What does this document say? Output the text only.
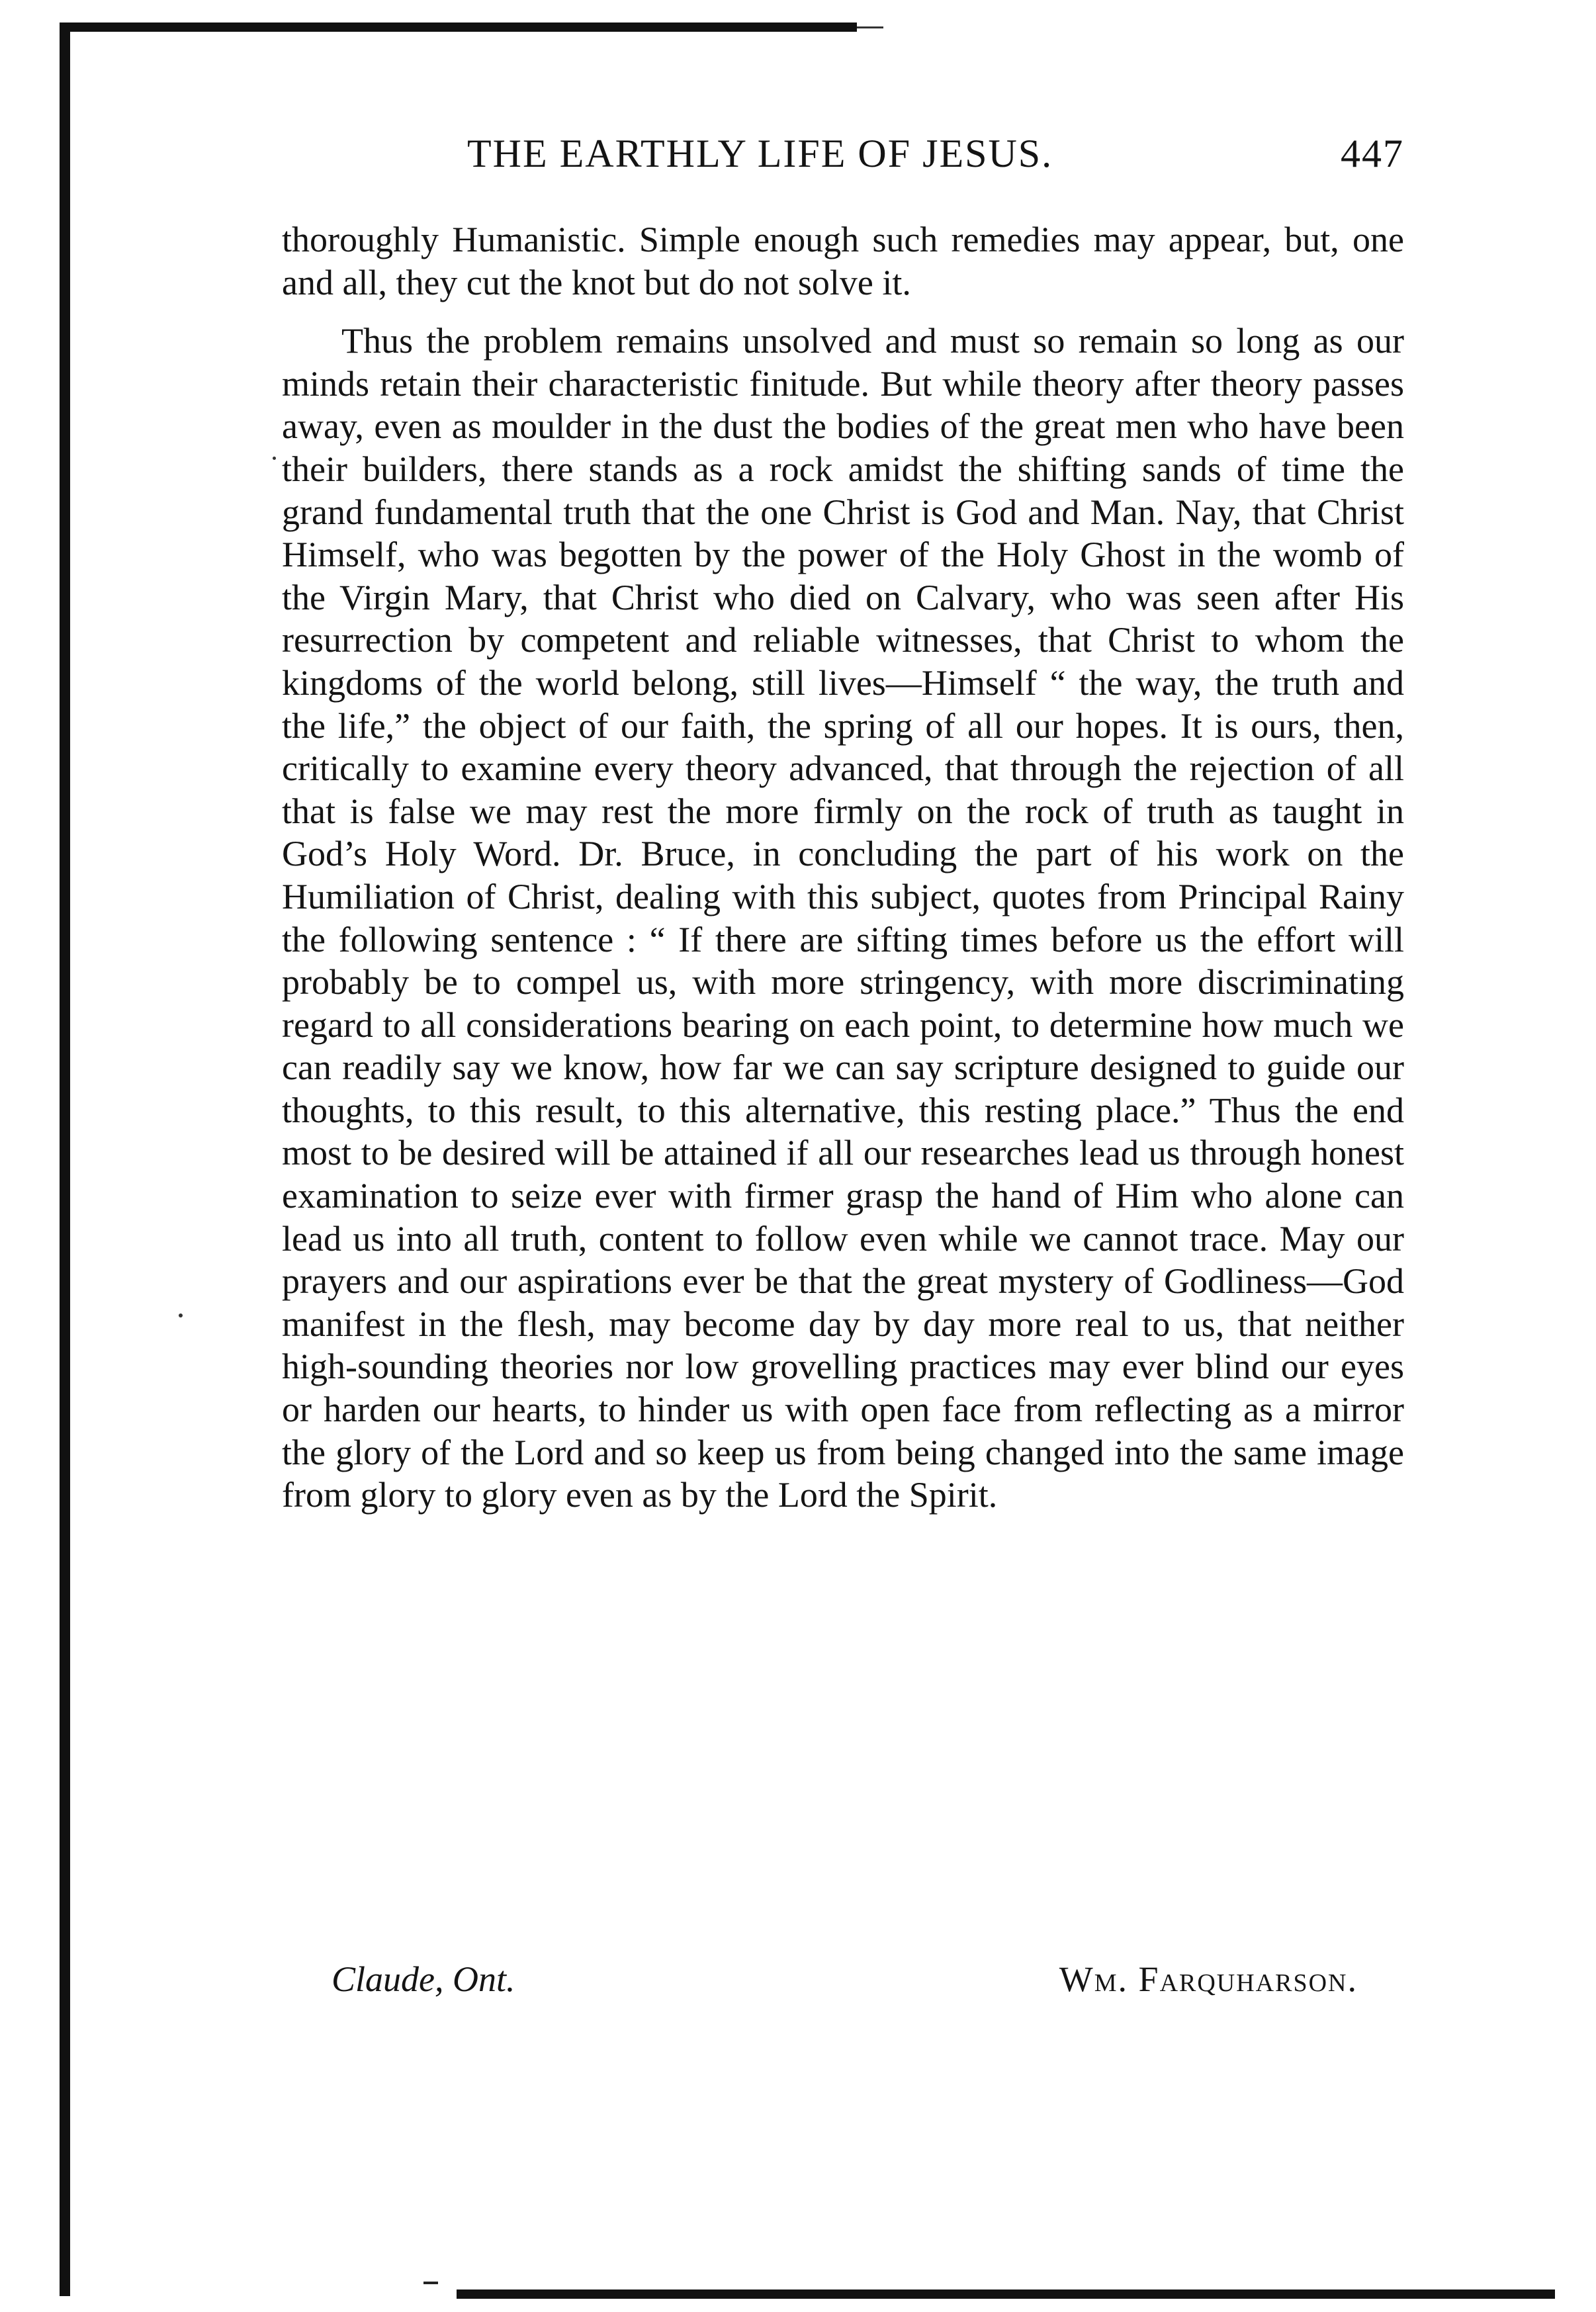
THE EARTHLY LIFE OF JESUS.	447

thoroughly Humanistic. Simple enough such remedies may appear, but, one and all, they cut the knot but do not solve it.

Thus the problem remains unsolved and must so remain so long as our minds retain their characteristic finitude. But while theory after theory passes away, even as moulder in the dust the bodies of the great men who have been their builders, there stands as a rock amidst the shifting sands of time the grand fundamental truth that the one Christ is God and Man. Nay, that Christ Himself, who was begotten by the power of the Holy Ghost in the womb of the Virgin Mary, that Christ who died on Calvary, who was seen after His resurrection by competent and reliable witnesses, that Christ to whom the kingdoms of the world belong, still lives—Himself “ the way, the truth and the life,” the object of our faith, the spring of all our hopes. It is ours, then, critically to examine every theory advanced, that through the rejection of all that is false we may rest the more firmly on the rock of truth as taught in God’s Holy Word. Dr. Bruce, in concluding the part of his work on the Humiliation of Christ, dealing with this subject, quotes from Principal Rainy the following sentence : “ If there are sifting times before us the effort will probably be to compel us, with more stringency, with more discriminating regard to all considerations bearing on each point, to determine how much we can readily say we know, how far we can say scripture designed to guide our thoughts, to this result, to this alternative, this resting place.” Thus the end most to be desired will be attained if all our researches lead us through honest examination to seize ever with firmer grasp the hand of Him who alone can lead us into all truth, content to follow even while we cannot trace. May our prayers and our aspirations ever be that the great mystery of Godliness—God manifest in the flesh, may become day by day more real to us, that neither high-sounding theories nor low grovelling practices may ever blind our eyes or harden our hearts, to hinder us with open face from reflecting as a mirror the glory of the Lord and so keep us from being changed into the same image from glory to glory even as by the Lord the Spirit.

Claude, Ont.	Wm. Farquharson.
